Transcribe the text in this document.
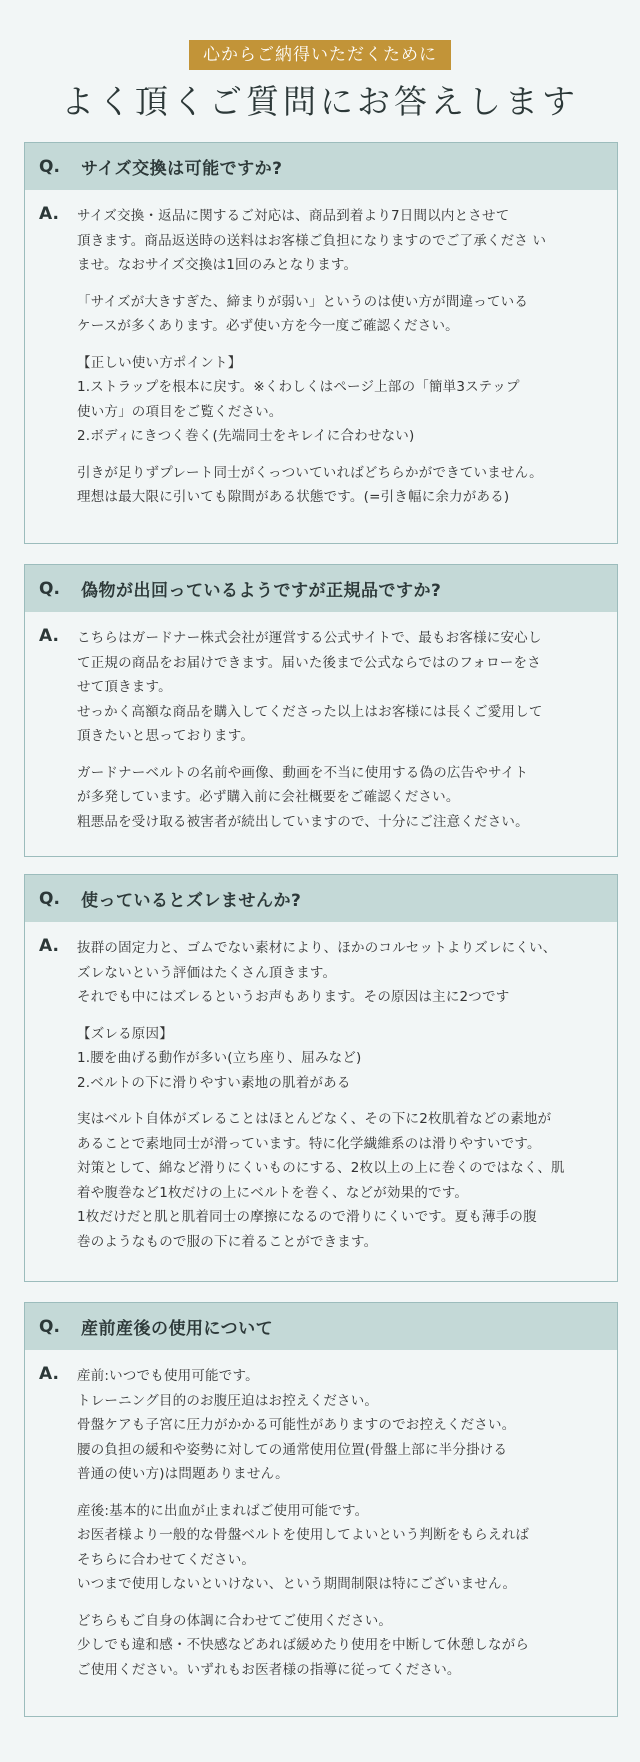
心からご納得いただくために
よく頂くご質問にお答えします
Q.	サイズ交換は可能ですか?
A. サイズ交換・返品に関するご対応は、商品到着より7日間以内とさせて
頂きます。商品返送時の送料はお客様ご負担になりますのでご了承くださ い
ませ。なおサイズ交換は1回のみとなります。
「サイズが大きすぎた、締まりが弱い」というのは使い方が間違っている
ケースが多くあります。必ず使い方を今一度ご確認ください。
【正しい使い方ポイント】
1.ストラップを根本に戻す。※くわしくはページ上部の「簡単3ステップ
使い方」の項目をご覧ください。
2.ボディにきつく巻く(先端同士をキレイに合わせない)
引きが足りずプレート同士がくっついていればどちらかができていません。
理想は最大限に引いても隙間がある状態です。(=引き幅に余力がある)
Q.	偽物が出回っているようですが正規品ですか?
A. こちらはガードナー株式会社が運営する公式サイトで、最もお客様に安心し
て正規の商品をお届けできます。届いた後まで公式ならではのフォローをさ
せて頂きます。
せっかく高額な商品を購入してくださった以上はお客様には長くご愛用して
頂きたいと思っております。
ガードナーベルトの名前や画像、動画を不当に使用する偽の広告やサイト
が多発しています。必ず購入前に会社概要をご確認ください。
粗悪品を受け取る被害者が続出していますので、十分にご注意ください。
Q.	使っているとズレませんか?
A. 抜群の固定力と、ゴムでない素材により、ほかのコルセットよりズレにくい、
ズレないという評価はたくさん頂きます。
それでも中にはズレるというお声もあります。その原因は主に2つです
【ズレる原因】
1.腰を曲げる動作が多い(立ち座り、屈みなど)
2.ベルトの下に滑りやすい素地の肌着がある
実はベルト自体がズレることはほとんどなく、その下に2枚肌着などの素地が
あることで素地同士が滑っています。特に化学繊維系のは滑りやすいです。
対策として、綿など滑りにくいものにする、2枚以上の上に巻くのではなく、肌
着や腹巻など1枚だけの上にベルトを巻く、などが効果的です。
1枚だけだと肌と肌着同士の摩擦になるので滑りにくいです。夏も薄手の腹
巻のようなもので服の下に着ることができます。
Q.	産前産後の使用について
A. 産前:いつでも使用可能です。
トレーニング目的のお腹圧迫はお控えください。
骨盤ケアも子宮に圧力がかかる可能性がありますのでお控えください。
腰の負担の緩和や姿勢に対しての通常使用位置(骨盤上部に半分掛ける
普通の使い方)は問題ありません。
産後:基本的に出血が止まればご使用可能です。
お医者様より一般的な骨盤ベルトを使用してよいという判断をもらえれば
そちらに合わせてください。
いつまで使用しないといけない、という期間制限は特にございません。
どちらもご自身の体調に合わせてご使用ください。
少しでも違和感・不快感などあれば緩めたり使用を中断して休憩しながら
ご使用ください。いずれもお医者様の指導に従ってください。
